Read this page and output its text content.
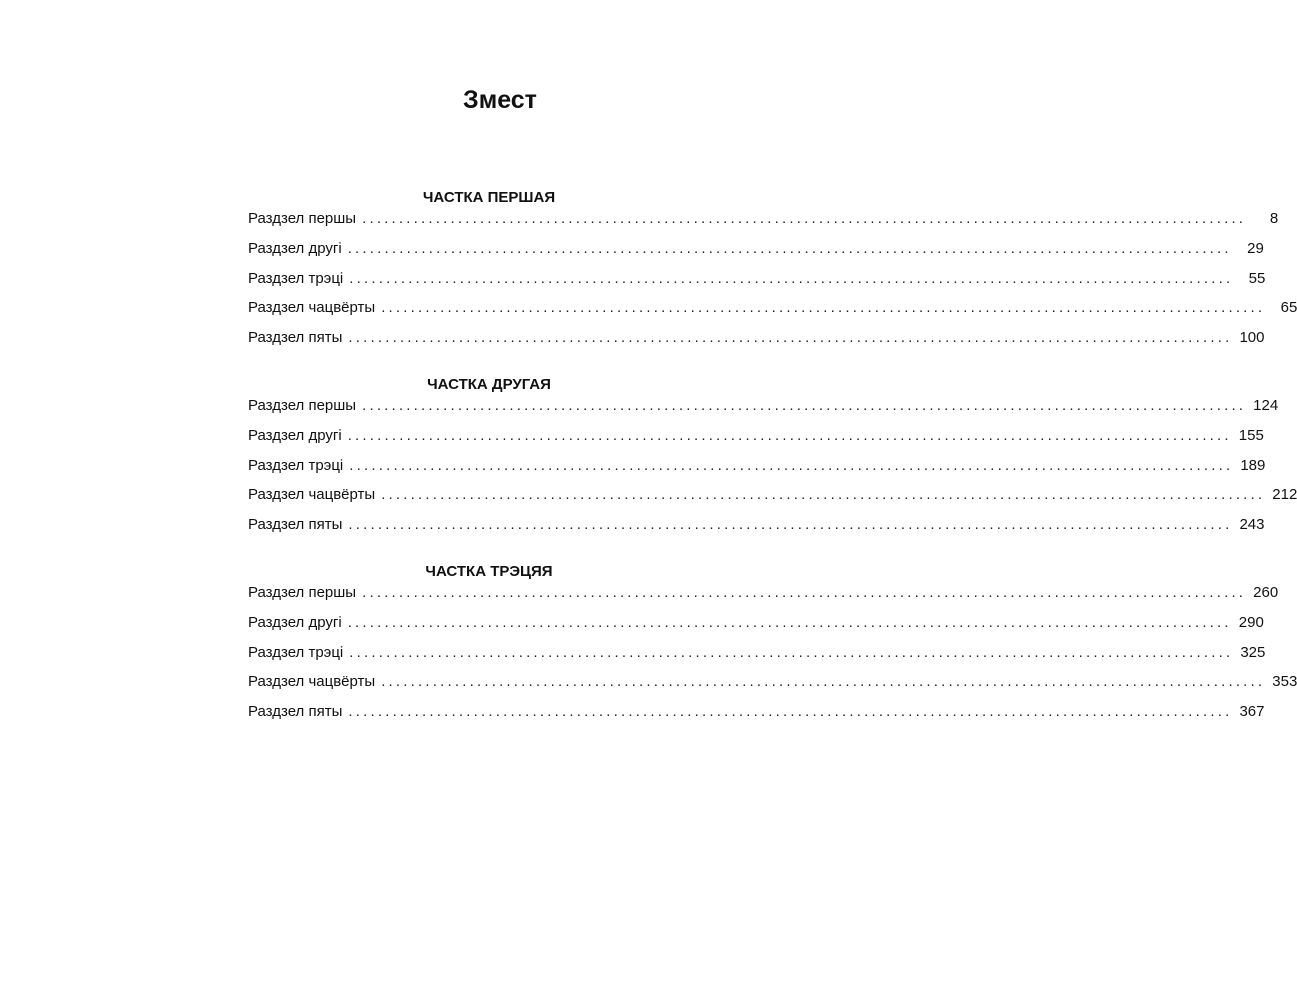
Змест
ЧАСТКА ПЕРШАЯ
Раздзел першы ........................................................................................................................	8
Раздзел другі ........................................................................................................................	29
Раздзел трэці ........................................................................................................................	55
Раздзел чацвёрты ........................................................................................................................	65
Раздзел пяты ........................................................................................................................ 100
ЧАСТКА ДРУГАЯ
Раздзел першы ........................................................................................................................ 124
Раздзел другі ........................................................................................................................ 155
Раздзел трэці ........................................................................................................................ 189
Раздзел чацвёрты ........................................................................................................................ 212
Раздзел пяты ........................................................................................................................ 243
ЧАСТКА ТРЭЦЯЯ
Раздзел першы ........................................................................................................................ 260
Раздзел другі ........................................................................................................................ 290
Раздзел трэці ........................................................................................................................ 325
Раздзел чацвёрты ........................................................................................................................ 353
Раздзел пяты ........................................................................................................................ 367
